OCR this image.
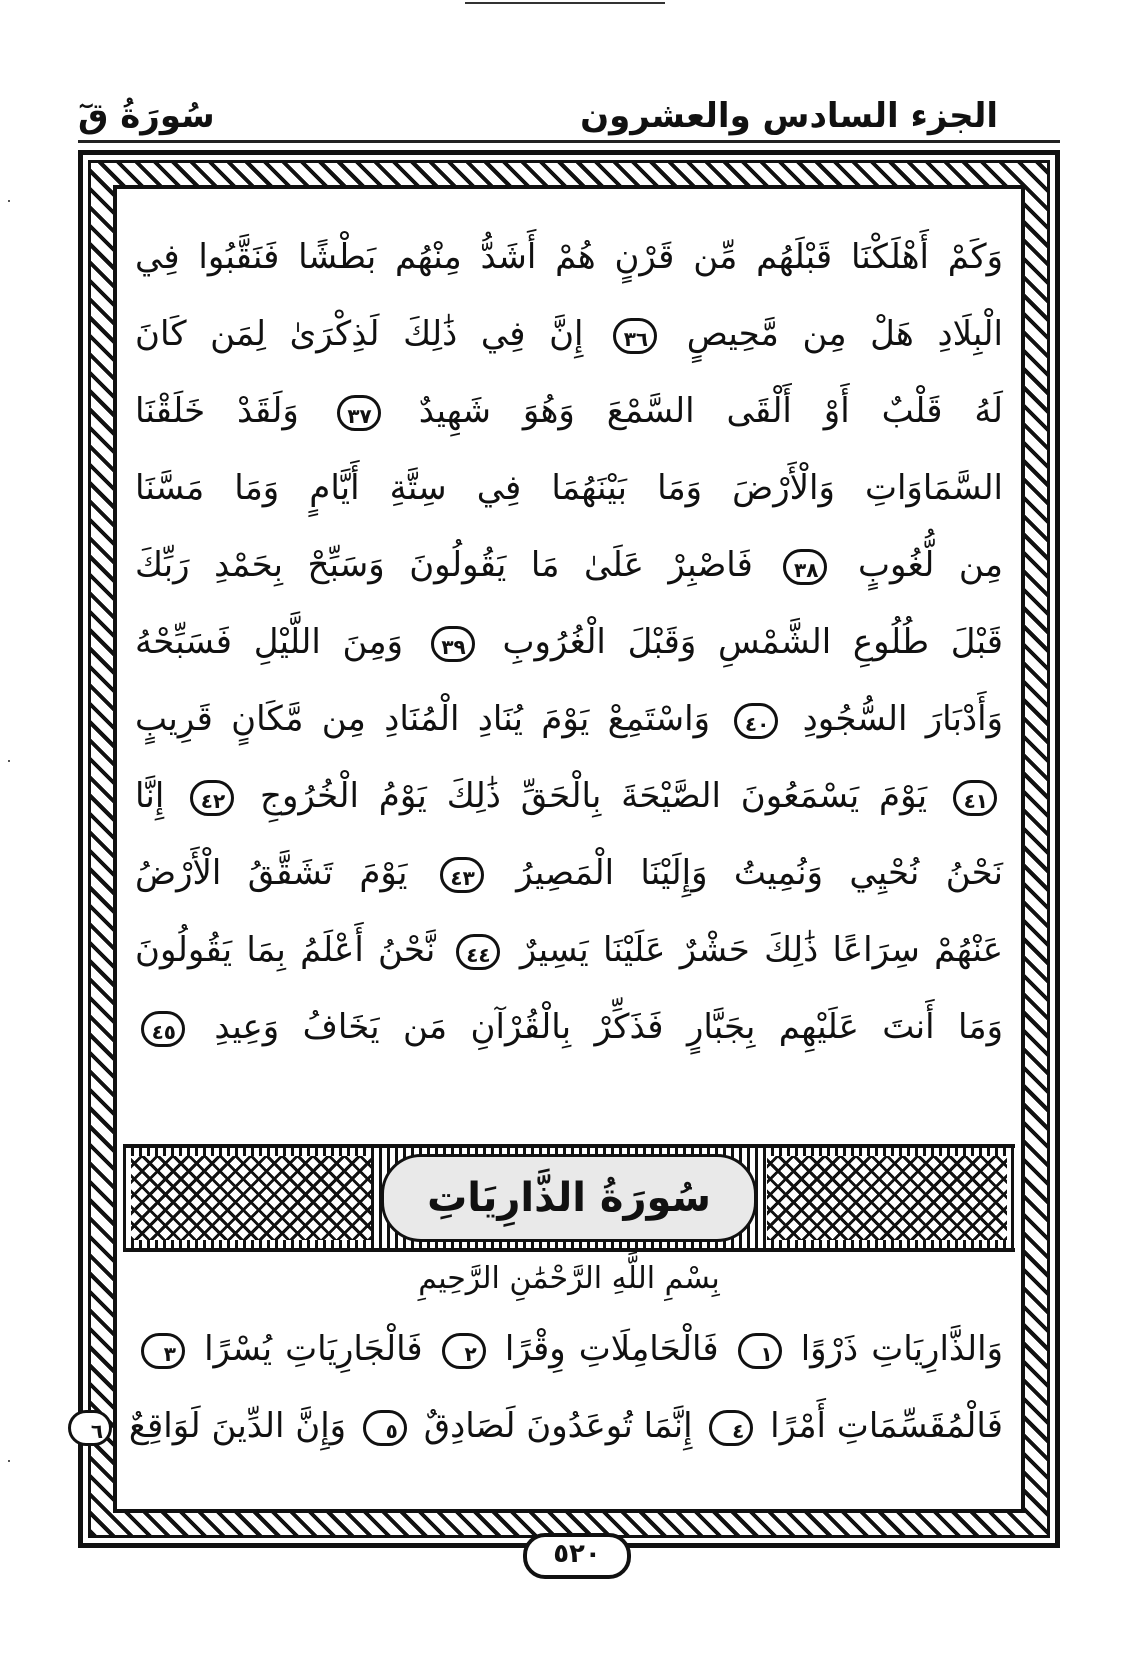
سُورَةُ قٓ	الجزء السادس والعشرون
وَكَمْ أَهْلَكْنَا قَبْلَهُم مِّن قَرْنٍ هُمْ أَشَدُّ مِنْهُم بَطْشًا فَنَقَّبُوا فِي
الْبِلَادِ هَلْ مِن مَّحِيصٍ ٣٦ إِنَّ فِي ذَٰلِكَ لَذِكْرَىٰ لِمَن كَانَ
لَهُ قَلْبٌ أَوْ أَلْقَى السَّمْعَ وَهُوَ شَهِيدٌ ٣٧ وَلَقَدْ خَلَقْنَا
السَّمَاوَاتِ وَالْأَرْضَ وَمَا بَيْنَهُمَا فِي سِتَّةِ أَيَّامٍ وَمَا مَسَّنَا
مِن لُّغُوبٍ ٣٨ فَاصْبِرْ عَلَىٰ مَا يَقُولُونَ وَسَبِّحْ بِحَمْدِ رَبِّكَ
قَبْلَ طُلُوعِ الشَّمْسِ وَقَبْلَ الْغُرُوبِ ٣٩ وَمِنَ اللَّيْلِ فَسَبِّحْهُ
وَأَدْبَارَ السُّجُودِ ٤٠ وَاسْتَمِعْ يَوْمَ يُنَادِ الْمُنَادِ مِن مَّكَانٍ قَرِيبٍ
٤١ يَوْمَ يَسْمَعُونَ الصَّيْحَةَ بِالْحَقِّ ذَٰلِكَ يَوْمُ الْخُرُوجِ ٤٢ إِنَّا
نَحْنُ نُحْيِي وَنُمِيتُ وَإِلَيْنَا الْمَصِيرُ ٤٣ يَوْمَ تَشَقَّقُ الْأَرْضُ
عَنْهُمْ سِرَاعًا ذَٰلِكَ حَشْرٌ عَلَيْنَا يَسِيرٌ ٤٤ نَّحْنُ أَعْلَمُ بِمَا يَقُولُونَ
وَمَا أَنتَ عَلَيْهِم بِجَبَّارٍ فَذَكِّرْ بِالْقُرْآنِ مَن يَخَافُ وَعِيدِ ٤٥
سُورَةُ الذَّارِيَاتِ
بِسْمِ اللَّهِ الرَّحْمَٰنِ الرَّحِيمِ
وَالذَّارِيَاتِ ذَرْوًا ١ فَالْحَامِلَاتِ وِقْرًا ٢ فَالْجَارِيَاتِ يُسْرًا ٣
فَالْمُقَسِّمَاتِ أَمْرًا ٤ إِنَّمَا تُوعَدُونَ لَصَادِقٌ ٥ وَإِنَّ الدِّينَ لَوَاقِعٌ ٦
٥٢٠
